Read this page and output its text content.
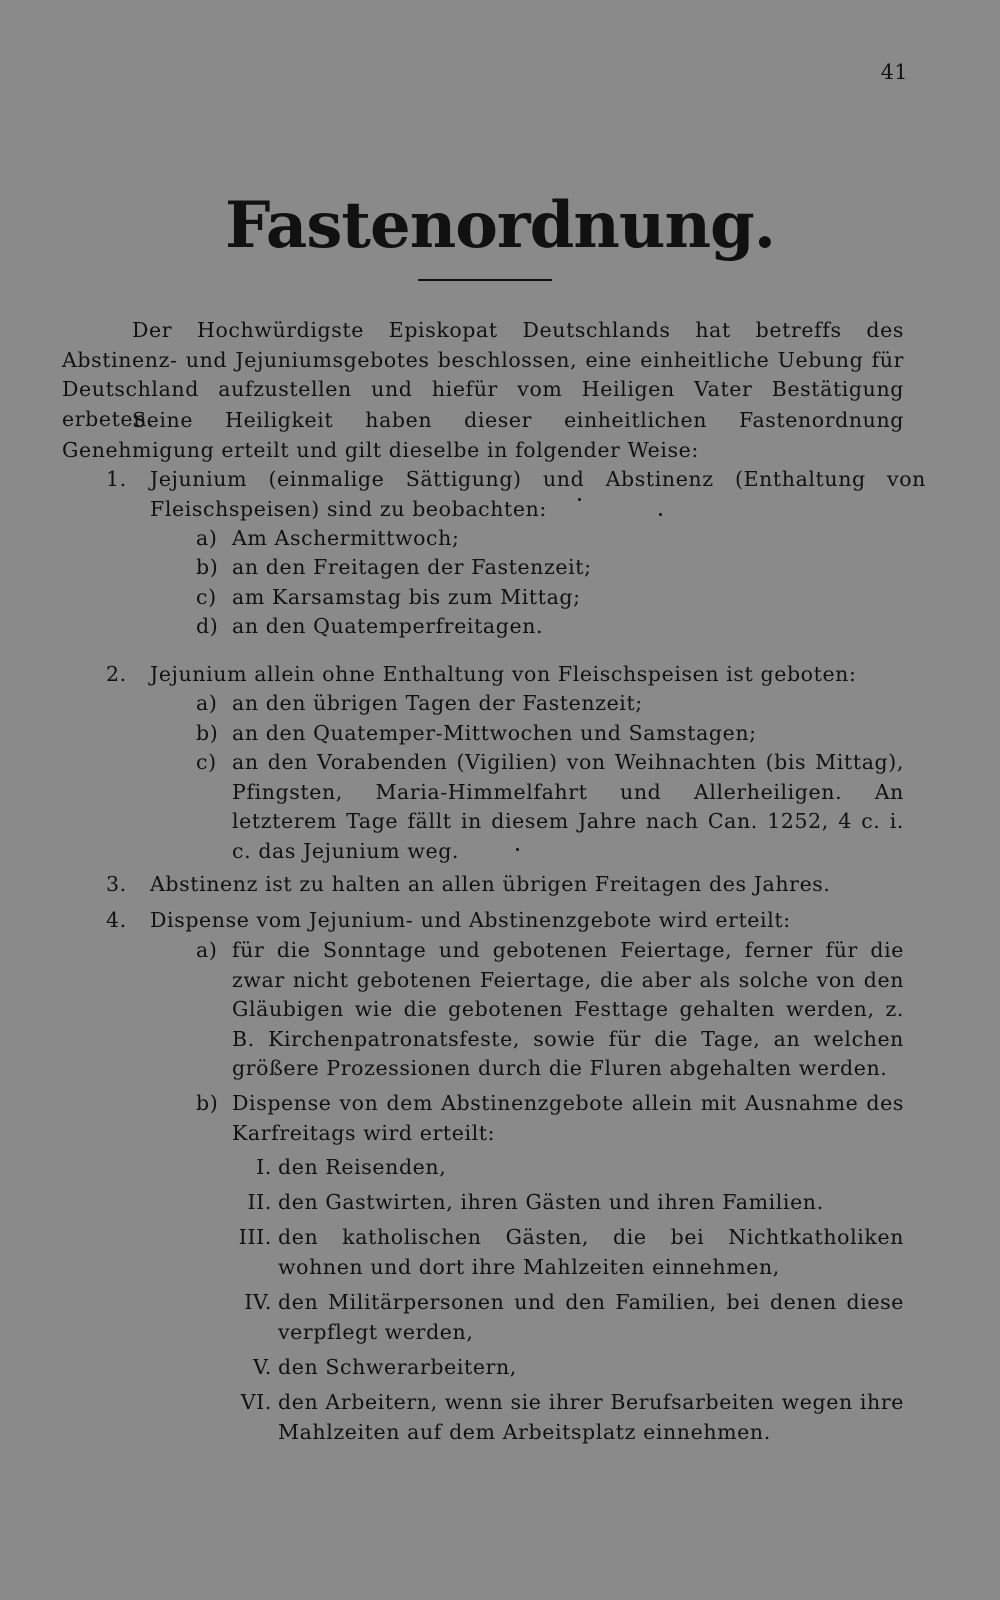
41
Fastenordnung.
Der Hochwürdigste Episkopat Deutschlands hat betreffs des Abstinenz- und Jejuniumsgebotes beschlossen, eine einheitliche Uebung für Deutschland aufzustellen und hiefür vom Heiligen Vater Bestätigung erbeten.
Seine Heiligkeit haben dieser einheitlichen Fastenordnung Genehmigung erteilt und gilt dieselbe in folgender Weise:
1. Jejunium (einmalige Sättigung) und Abstinenz (Enthaltung von Fleischspeisen) sind zu beobachten:
a) Am Aschermittwoch;
b) an den Freitagen der Fastenzeit;
c) am Karsamstag bis zum Mittag;
d) an den Quatemperfreitagen.
2. Jejunium allein ohne Enthaltung von Fleischspeisen ist geboten:
a) an den übrigen Tagen der Fastenzeit;
b) an den Quatemper-Mittwochen und Samstagen;
c) an den Vorabenden (Vigilien) von Weihnachten (bis Mittag), Pfingsten, Maria-Himmelfahrt und Allerheiligen. An letzterem Tage fällt in diesem Jahre nach Can. 1252, 4 c. i. c. das Jejunium weg.
3. Abstinenz ist zu halten an allen übrigen Freitagen des Jahres.
4. Dispense vom Jejunium- und Abstinenzgebote wird erteilt:
a) für die Sonntage und gebotenen Feiertage, ferner für die zwar nicht gebotenen Feiertage, die aber als solche von den Gläubigen wie die gebotenen Festtage gehalten werden, z. B. Kirchenpatronatsfeste, sowie für die Tage, an welchen größere Prozessionen durch die Fluren abgehalten werden.
b) Dispense von dem Abstinenzgebote allein mit Ausnahme des Karfreitags wird erteilt:
I. den Reisenden,
II. den Gastwirten, ihren Gästen und ihren Familien.
III. den katholischen Gästen, die bei Nichtkatholiken wohnen und dort ihre Mahlzeiten einnehmen,
IV. den Militärpersonen und den Familien, bei denen diese verpflegt werden,
V. den Schwerarbeitern,
VI. den Arbeitern, wenn sie ihrer Berufsarbeiten wegen ihre Mahlzeiten auf dem Arbeitsplatz einnehmen.
